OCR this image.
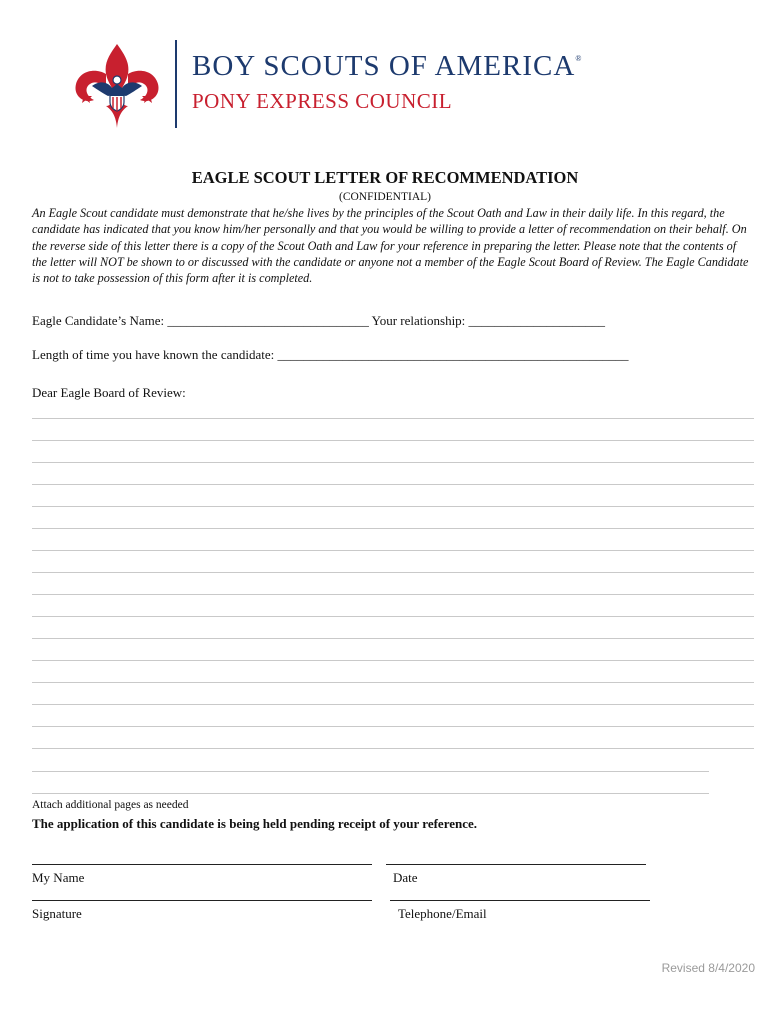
BOY SCOUTS OF AMERICA®
PONY EXPRESS COUNCIL
EAGLE SCOUT LETTER OF RECOMMENDATION
(CONFIDENTIAL)
An Eagle Scout candidate must demonstrate that he/she lives by the principles of the Scout Oath and Law in their daily life. In this regard, the candidate has indicated that you know him/her personally and that you would be willing to provide a letter of recommendation on their behalf. On the reverse side of this letter there is a copy of the Scout Oath and Law for your reference in preparing the letter. Please note that the contents of the letter will NOT be shown to or discussed with the candidate or anyone not a member of the Eagle Scout Board of Review. The Eagle Candidate is not to take possession of this form after it is completed.
Eagle Candidate’s Name: _______________________________ Your relationship: _____________________
Length of time you have known the candidate: ______________________________________________________
Dear Eagle Board of Review:
Attach additional pages as needed
The application of this candidate is being held pending receipt of your reference.
My Name	Date
Signature	Telephone/Email
Revised 8/4/2020
